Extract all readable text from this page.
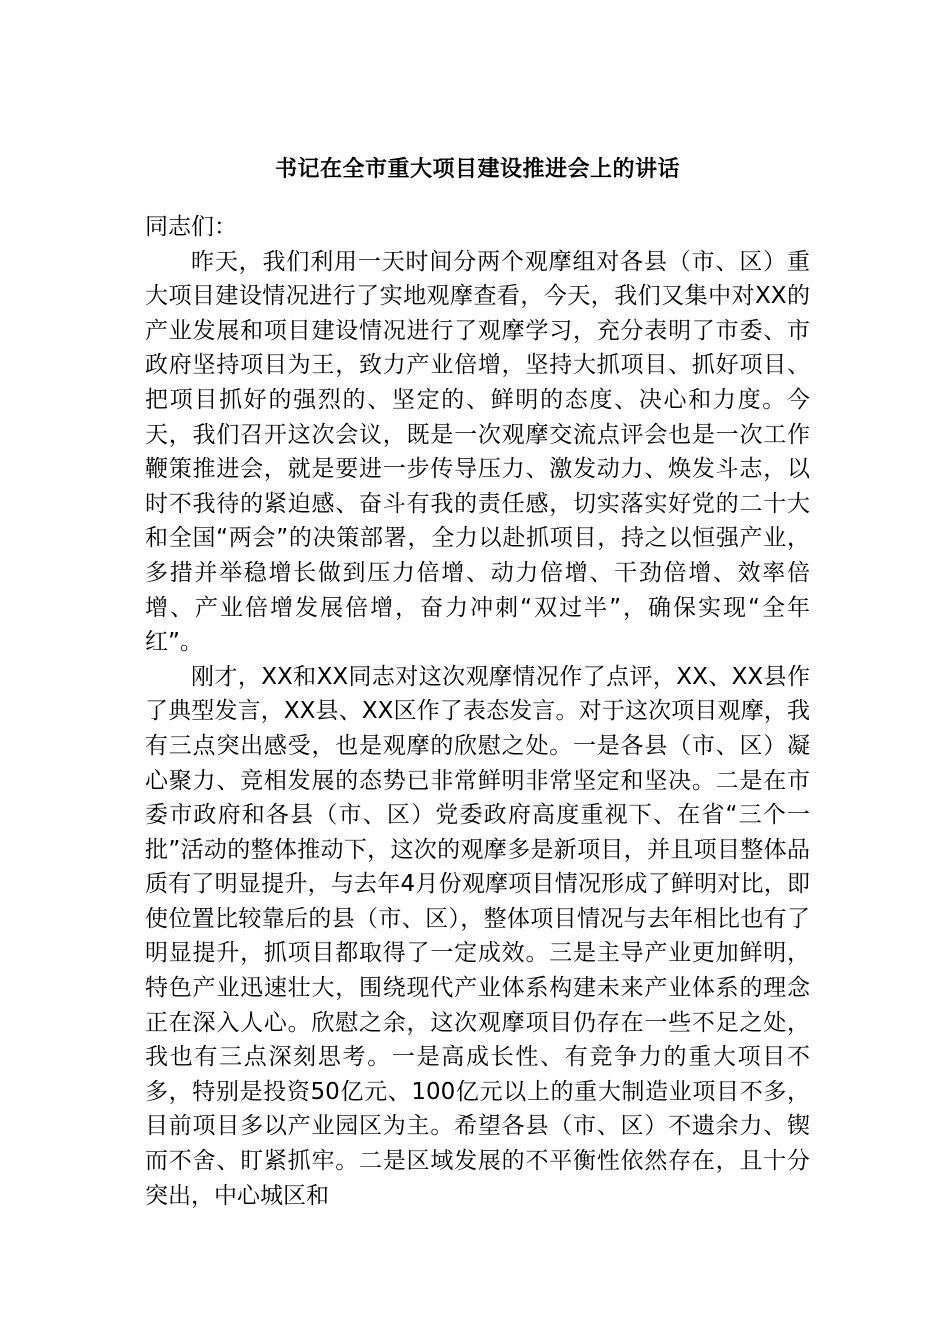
书记在全市重大项目建设推进会上的讲话

同志们：

昨天，我们利用一天时间分两个观摩组对各县（市、区）重大项目建设情况进行了实地观摩查看，今天，我们又集中对XX的产业发展和项目建设情况进行了观摩学习，充分表明了市委、市政府坚持项目为王，致力产业倍增，坚持大抓项目、抓好项目、把项目抓好的强烈的、坚定的、鲜明的态度、决心和力度。今天，我们召开这次会议，既是一次观摩交流点评会也是一次工作鞭策推进会，就是要进一步传导压力、激发动力、焕发斗志，以时不我待的紧迫感、奋斗有我的责任感，切实落实好党的二十大和全国“两会”的决策部署，全力以赴抓项目，持之以恒强产业，多措并举稳增长做到压力倍增、动力倍增、干劲倍增、效率倍增、产业倍增发展倍增，奋力冲刺“双过半”，确保实现“全年红”。

刚才，XX和XX同志对这次观摩情况作了点评，XX、XX县作了典型发言，XX县、XX区作了表态发言。对于这次项目观摩，我有三点突出感受，也是观摩的欣慰之处。一是各县（市、区）凝心聚力、竞相发展的态势已非常鲜明非常坚定和坚决。二是在市委市政府和各县（市、区）党委政府高度重视下、在省“三个一批”活动的整体推动下，这次的观摩多是新项目，并且项目整体品质有了明显提升，与去年4月份观摩项目情况形成了鲜明对比，即使位置比较靠后的县（市、区），整体项目情况与去年相比也有了明显提升，抓项目都取得了一定成效。三是主导产业更加鲜明，特色产业迅速壮大，围绕现代产业体系构建未来产业体系的理念正在深入人心。欣慰之余，这次观摩项目仍存在一些不足之处，我也有三点深刻思考。一是高成长性、有竞争力的重大项目不多，特别是投资50亿元、100亿元以上的重大制造业项目不多，目前项目多以产业园区为主。希望各县（市、区）不遗余力、锲而不舍、盯紧抓牢。二是区域发展的不平衡性依然存在，且十分突出，中心城区和
